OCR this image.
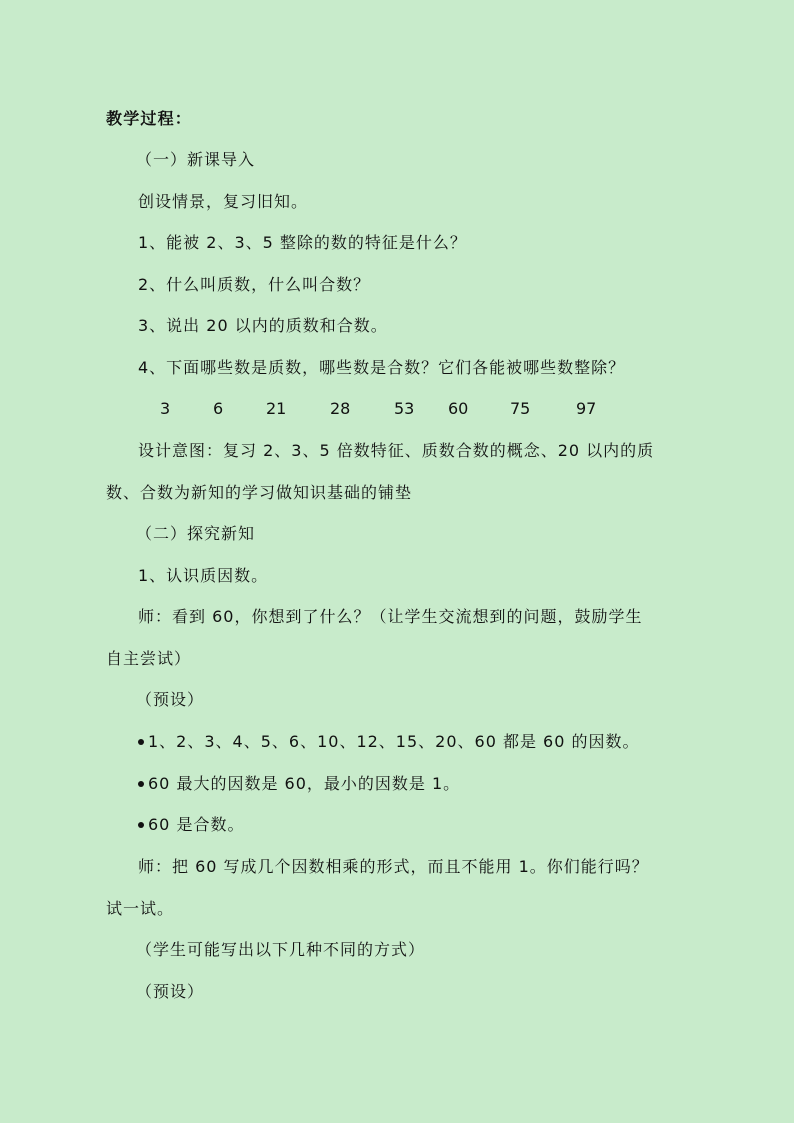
教学过程：
（一）新课导入
创设情景，复习旧知。
1、能被 2、3、5 整除的数的特征是什么？
2、什么叫质数，什么叫合数？
3、说出 20 以内的质数和合数。
4、下面哪些数是质数，哪些数是合数？它们各能被哪些数整除？
3	6	21	28	53 60	75	97
设计意图：复习 2、3、5 倍数特征、质数合数的概念、20 以内的质
数、合数为新知的学习做知识基础的铺垫
（二）探究新知
1、认识质因数。
师：看到 60，你想到了什么？（让学生交流想到的问题，鼓励学生
自主尝试）
（预设）
1、2、3、4、5、6、10、12、15、20、60 都是 60 的因数。
60 最大的因数是 60，最小的因数是 1。
60 是合数。
师：把 60 写成几个因数相乘的形式，而且不能用 1。你们能行吗？
试一试。
（学生可能写出以下几种不同的方式）
（预设）
